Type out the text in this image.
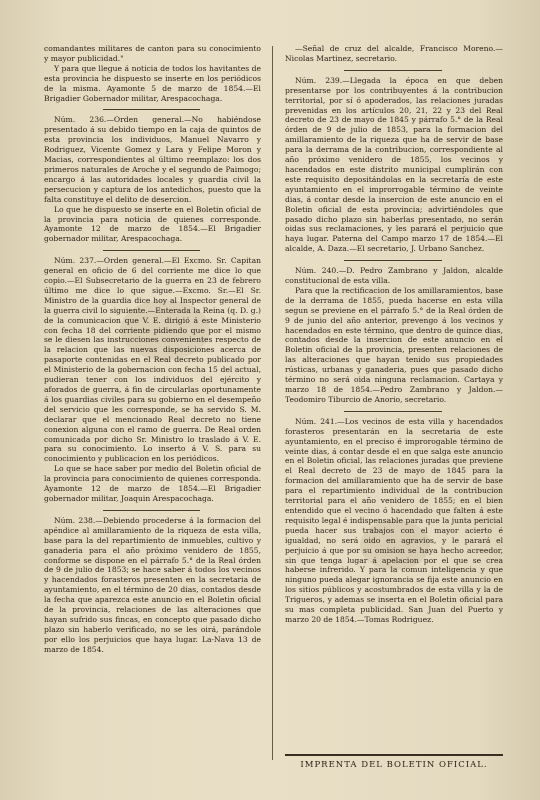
comandantes militares de canton para su conocimiento y mayor publicidad."

Y para que llegue á noticia de todos los havitantes de esta provincia he dispuesto se inserte en los periódicos de la misma. Ayamonte 5 de marzo de 1854.—El Brigadier Gobernador militar, Arespacochaga.

Núm. 236.—Orden general.—No habiéndose presentado á su debido tiempo en la caja de quintos de esta provincia los individuos, Manuel Navarro y Rodriguez, Vicente Gomez y Lara y Felipe Moron y Macias, correspondientes al último reemplazo: los dos primeros naturales de Aroche y el segundo de Paimogo; encargo á las autoridades locales y guardia civil la persecucion y captura de los antedichos, puesto que la falta constituye el delito de desercion.

Lo que he dispuesto se inserte en el Boletin oficial de la provincia para noticia de quienes corresponde. Ayamonte 12 de marzo de 1854.—El Brigadier gobernador militar, Arespacochaga.

Núm. 237.—Orden general.—El Excmo. Sr. Capitan general en oficio de 6 del corriente me dice lo que copio.—El Subsecretario de la guerra en 23 de febrero último me dice lo que sigue.—Excmo. Sr.—El Sr. Ministro de la guardia dice hoy al Inspector general de la guerra civil lo siguiente.—Enterada la Reina (q. D. g.) de la comunicacion que V. E. dirigió á este Ministerio con fecha 18 del corriente pidiendo que por el mismo se le diesen las instrucciones convenientes respecto de la relacion que las nuevas disposiciones acerca de pasaporte contenidas en el Real decreto publicado por el Ministerio de la gobernacion con fecha 15 del actual, pudieran tener con los individuos del ejército y aforados de guerra, á fin de circularlas oportunamente á los guardias civiles para su gobierno en el desempeño del servicio que les corresponde, se ha servido S. M. declarar que el mencionado Real decreto no tiene conexion alguna con el ramo de guerra. De Real orden comunicada por dicho Sr. Ministro lo traslado á V. E. para su conocimiento. Lo inserto á V. S. para su conocimiento y publicacion en los periódicos.

Lo que se hace saber por medio del Boletin oficial de la provincia para conocimiento de quienes corresponda. Ayamonte 12 de marzo de 1854.—El Brigadier gobernador militar, Joaquin Arespacochaga.

Núm. 238.—Debiendo procederse á la formacion del apéndice al amillaramiento de la riqueza de esta villa, base para la del repartimiento de inmuebles, cultivo y ganaderia para el año próximo venidero de 1855, conforme se dispone en el párrafo 5.° de la Real órden de 9 de julio de 1853; se hace saber á todos los vecinos y hacendados forasteros presenten en la secretaria de ayuntamiento, en el término de 20 dias, contados desde la fecha que aparezca este anuncio en el Boletin oficial de la provincia, relaciones de las alteraciones que hayan sufrido sus fincas, en concepto que pasado dicho plazo sin haberlo verificado, no se les oirá, parándole por ello los perjuicios que haya lugar. La-Nava 13 de marzo de 1854.

—Señal de cruz del alcalde, Francisco Moreno.—Nicolas Martinez, secretario.

Núm. 239.—Llegada la época en que deben presentarse por los contribuyentes á la contribucion territorial, por sí ó apoderados, las relaciones juradas prevenidas en los artículos 20, 21, 22 y 23 del Real decreto de 23 de mayo de 1845 y párrafo 5.° de la Real órden de 9 de julio de 1853, para la formacion del amillaramiento de la riqueza que ha de servir de base para la derrama de la contribucion, correspondiente al año próximo venidero de 1855, los vecinos y hacendados en este distrito municipal cumplirán con este requisito depositándolas en la secretaría de este ayuntamiento en el improrrogable término de veinte dias, á contar desde la insercion de este anuncio en el Boletin oficial de esta provincia; advirtiéndoles que pasado dicho plazo sin haberlas presentado, no serán oidas sus reclamaciones, y les parará el perjuicio que haya lugar. Paterna del Campo marzo 17 de 1854.—El alcalde, A. Daza.—El secretario, J. Urbano Sanchez.

Núm. 240.—D. Pedro Zambrano y Jaldon, alcalde constitucional de esta villa.

Para que la rectificacion de los amillaramientos, base de la derrama de 1855, pueda hacerse en esta villa segun se previene en el párrafo 5.° de la Real órden de 9 de junio del año anterior, prevengo á los vecinos y hacendados en este término, que dentro de quince dias, contados desde la insercion de este anuncio en el Boletin oficial de la provincia, presenten relaciones de las alteraciones que hayan tenido sus propiedades rústicas, urbanas y ganaderia, pues que pasado dicho término no será oida ninguna reclamacion. Cartaya y marzo 18 de 1854.—Pedro Zambrano y Jaldon.—Teodomiro Tiburcio de Anorio, secretario.

Núm. 241.—Los vecinos de esta villa y hacendados forasteros presentarán en la secretaria de este ayuntamiento, en el preciso é improrogable término de veinte dias, á contar desde el en que salga este anuncio en el Boletin oficial, las relaciones juradas que previene el Real decreto de 23 de mayo de 1845 para la formacion del amillaramiento que ha de servir de base para el repartimiento individual de la contribucion territorial para el año venidero de 1855; en el bien entendido que el vecino ó hacendado que falten á este requisito legal é indispensable para que la junta pericial pueda hacer sus trabajos con el mayor acierto é igualdad, no será oido en agravios, y le parará el perjuicio á que por su omision se haya hecho acreedor, sin que tenga lugar á apelacion por el que se crea haberse infrerido. Y para la comun inteligencia y que ninguno pueda alegar ignorancia se fija este anuncio en los sitios públicos y acostumbrados de esta villa y la de Trigueros, y ademas se inserta en el Boletin oficial para su mas completa publicidad. San Juan del Puerto y marzo 20 de 1854.—Tomas Rodriguez.

IMPRENTA DEL BOLETIN OFICIAL.
